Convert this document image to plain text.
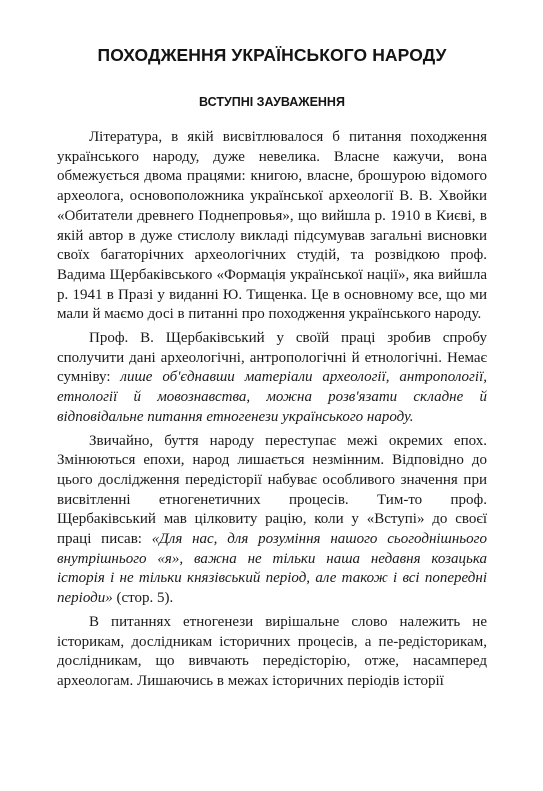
ПОХОДЖЕННЯ УКРАЇНСЬКОГО НАРОДУ
ВСТУПНІ ЗАУВАЖЕННЯ

Література, в якій висвітлювалося б питання походження українського народу, дуже невелика. Власне кажучи, вона обмежується двома працями: книгою, власне, брошурою відомого археолога, основоположника української археології В. В. Хвойки «Обитатели древнего Поднепровья», що вийшла р. 1910 в Києві, в якій автор в дуже стислолу викладі підсумував загальні висновки своїх багаторічних археологічних студій, та розвідкою проф. Вадима Щербаківського «Формація української нації», яка вийшла р. 1941 в Празі у виданні Ю. Тищенка. Це в основному все, що ми мали й маємо досі в питанні про походження українського народу.

Проф. В. Щербаківський у своїй праці зробив спробу сполучити дані археологічні, антропологічні й етнологічні. Немає сумніву: лише об'єднавши матеріали археології, антропології, етнології й мовознавства, можна розв'язати складне й відповідальне питання етногенези українського народу.

Звичайно, буття народу переступає межі окремих епох. Змінюються епохи, народ лишається незмінним. Відповідно до цього дослідження передісторії набуває особливого значення при висвітленні етногенетичних процесів. Тим-то проф. Щербаківський мав цілковиту рацію, коли у «Вступі» до своєї праці писав: «Для нас, для розуміння нашого сьогоднішнього внутрішнього «я», важна не тільки наша недавня козацька історія і не тільки князівський період, але також і всі попередні періоди» (стор. 5).

В питаннях етногенези вирішальне слово належить не історикам, дослідникам історичних процесів, а пе-редісторикам, дослідникам, що вивчають передісторію, отже, насамперед археологам. Лишаючись в межах історичних періодів історії
